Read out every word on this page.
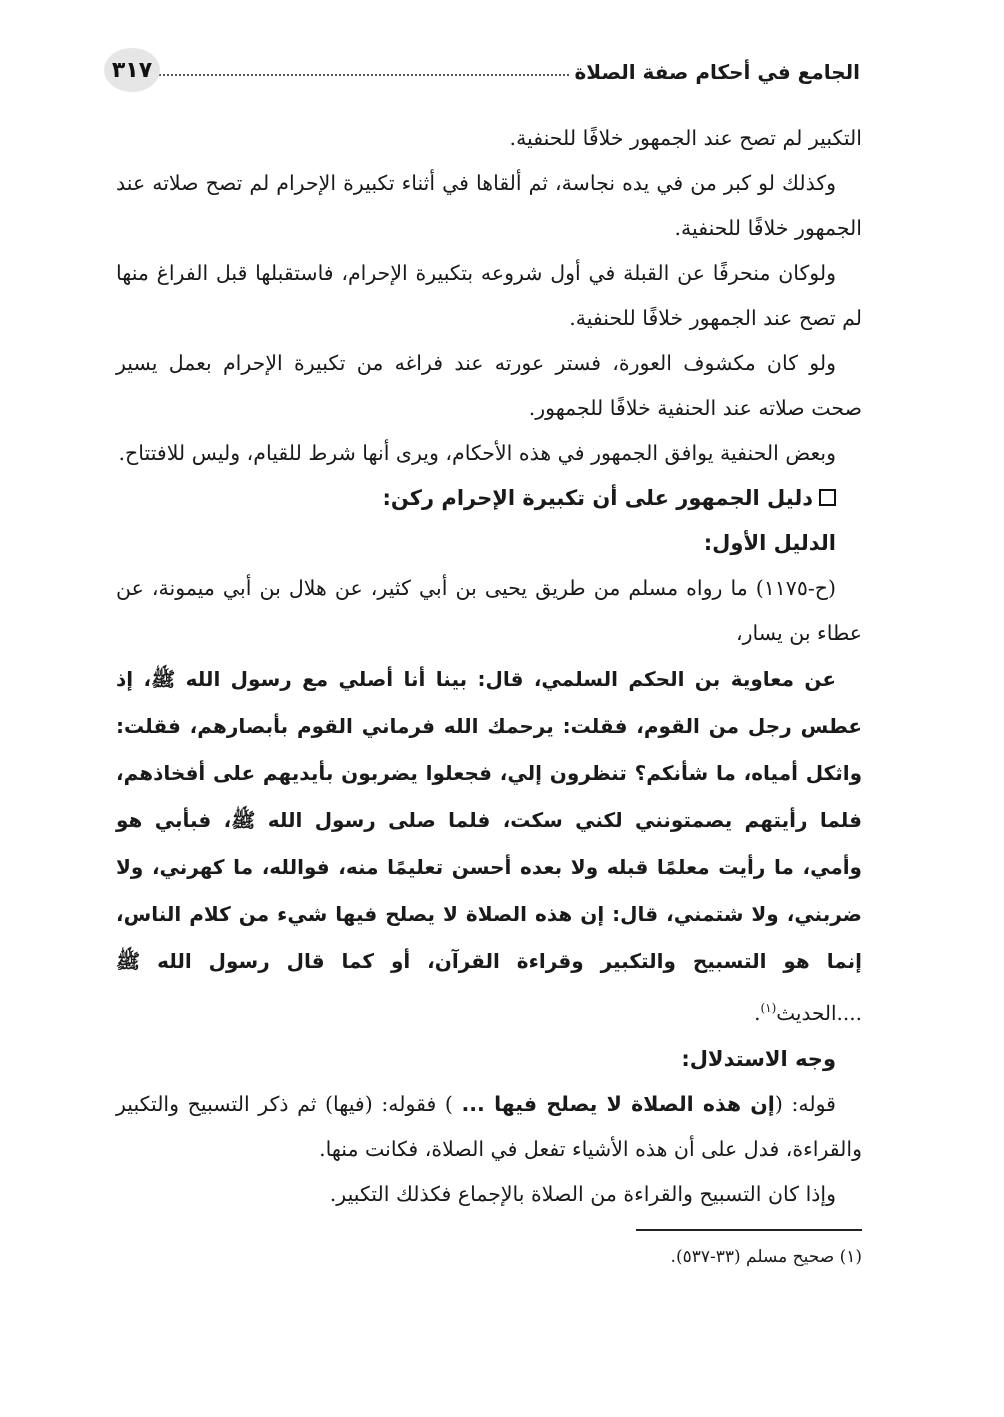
الجامع في أحكام صفة الصلاة
٣١٧

التكبير لم تصح عند الجمهور خلافًا للحنفية.

وكذلك لو كبر من في يده نجاسة، ثم ألقاها في أثناء تكبيرة الإحرام لم تصح صلاته عند الجمهور خلافًا للحنفية.

ولوكان منحرفًا عن القبلة في أول شروعه بتكبيرة الإحرام، فاستقبلها قبل الفراغ منها لم تصح عند الجمهور خلافًا للحنفية.

ولو كان مكشوف العورة، فستر عورته عند فراغه من تكبيرة الإحرام بعمل يسير صحت صلاته عند الحنفية خلافًا للجمهور.

وبعض الحنفية يوافق الجمهور في هذه الأحكام، ويرى أنها شرط للقيام، وليس للافتتاح.

دليل الجمهور على أن تكبيرة الإحرام ركن:

الدليل الأول:

(ح-١١٧٥) ما رواه مسلم من طريق يحيى بن أبي كثير، عن هلال بن أبي ميمونة، عن عطاء بن يسار،

عن معاوية بن الحكم السلمي، قال: بينا أنا أصلي مع رسول الله ﷺ، إذ عطس رجل من القوم، فقلت: يرحمك الله فرماني القوم بأبصارهم، فقلت: واثكل أمياه، ما شأنكم؟ تنظرون إلي، فجعلوا يضربون بأيديهم على أفخاذهم، فلما رأيتهم يصمتونني لكني سكت، فلما صلى رسول الله ﷺ، فبأبي هو وأمي، ما رأيت معلمًا قبله ولا بعده أحسن تعليمًا منه، فوالله، ما كهرني، ولا ضربني، ولا شتمني، قال: إن هذه الصلاة لا يصلح فيها شيء من كلام الناس، إنما هو التسبيح والتكبير وقراءة القرآن، أو كما قال رسول الله ﷺ ....الحديث$^{(١)}$.

وجه الاستدلال:

قوله: (إن هذه الصلاة لا يصلح فيها ... ) فقوله: (فيها) ثم ذكر التسبيح والتكبير والقراءة، فدل على أن هذه الأشياء تفعل في الصلاة، فكانت منها.

وإذا كان التسبيح والقراءة من الصلاة بالإجماع فكذلك التكبير.

(١) صحيح مسلم (٣٣-٥٣٧).
